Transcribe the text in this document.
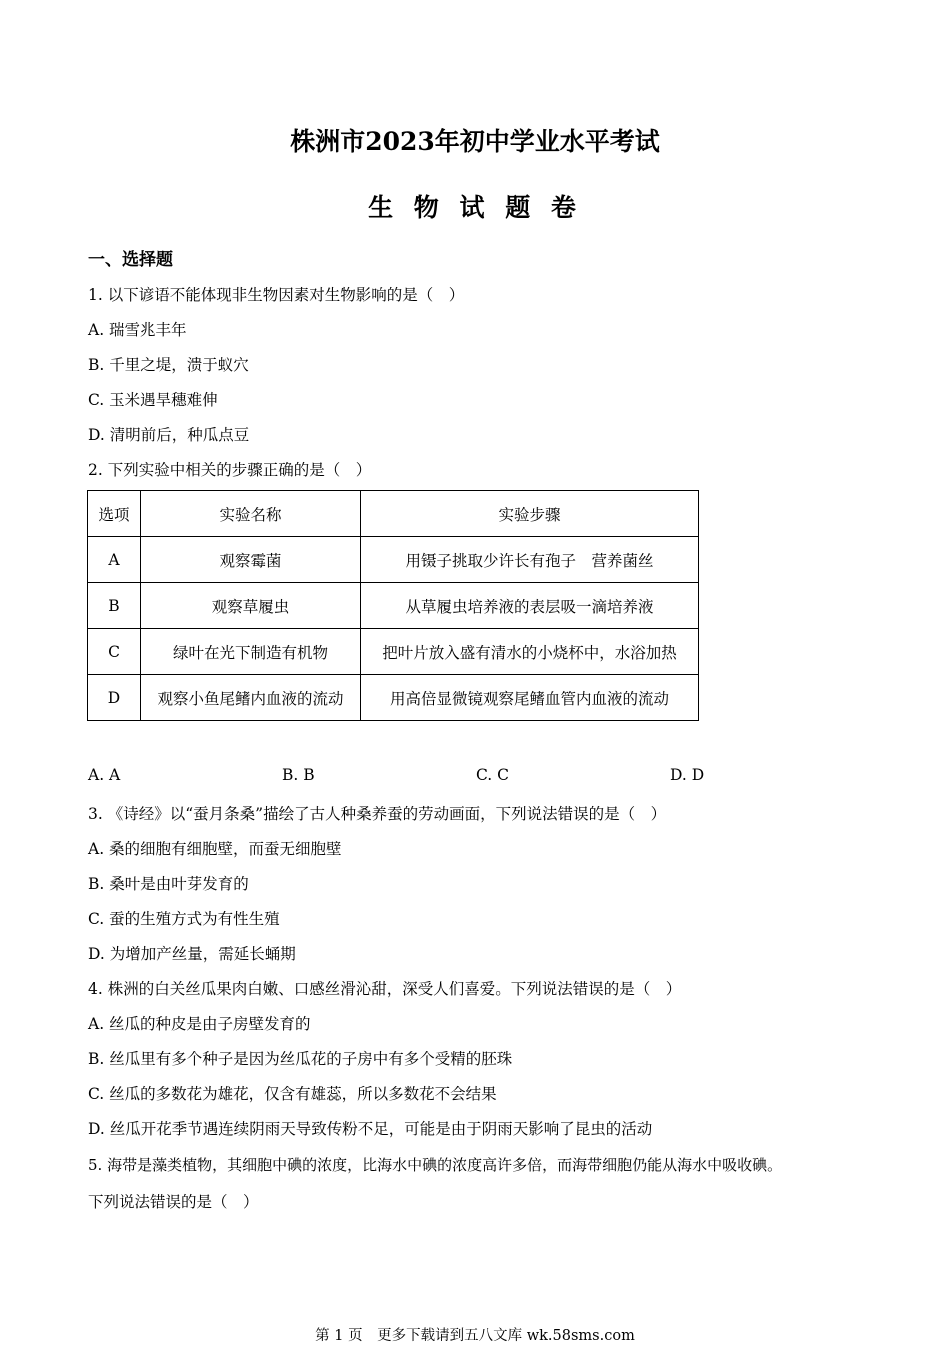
株洲市2023年初中学业水平考试
生 物 试 题 卷
一、选择题
1. 以下谚语不能体现非生物因素对生物影响的是（　）
A. 瑞雪兆丰年
B. 千里之堤，溃于蚁穴
C. 玉米遇旱穗难伸
D. 清明前后，种瓜点豆
2. 下列实验中相关的步骤正确的是（　）
选项	实验名称	实验步骤
A	观察霉菌	用镊子挑取少许长有孢子　营养菌丝
B	观察草履虫	从草履虫培养液的表层吸一滴培养液
C	绿叶在光下制造有机物	把叶片放入盛有清水的小烧杯中，水浴加热
D	观察小鱼尾鳍内血液的流动	用高倍显微镜观察尾鳍血管内血液的流动
A. A	B. B	C. C	D. D
3. 《诗经》以“蚕月条桑”描绘了古人种桑养蚕的劳动画面，下列说法错误的是（　）
A. 桑的细胞有细胞壁，而蚕无细胞壁
B. 桑叶是由叶芽发育的
C. 蚕的生殖方式为有性生殖
D. 为增加产丝量，需延长蛹期
4. 株洲的白关丝瓜果肉白嫩、口感丝滑沁甜，深受人们喜爱。下列说法错误的是（　）
A. 丝瓜的种皮是由子房壁发育的
B. 丝瓜里有多个种子是因为丝瓜花的子房中有多个受精的胚珠
C. 丝瓜的多数花为雄花，仅含有雄蕊，所以多数花不会结果
D. 丝瓜开花季节遇连续阴雨天导致传粉不足，可能是由于阴雨天影响了昆虫的活动
5. 海带是藻类植物，其细胞中碘的浓度，比海水中碘的浓度高许多倍，而海带细胞仍能从海水中吸收碘。
下列说法错误的是（　）
第 1 页　更多下载请到五八文库 wk.58sms.com
